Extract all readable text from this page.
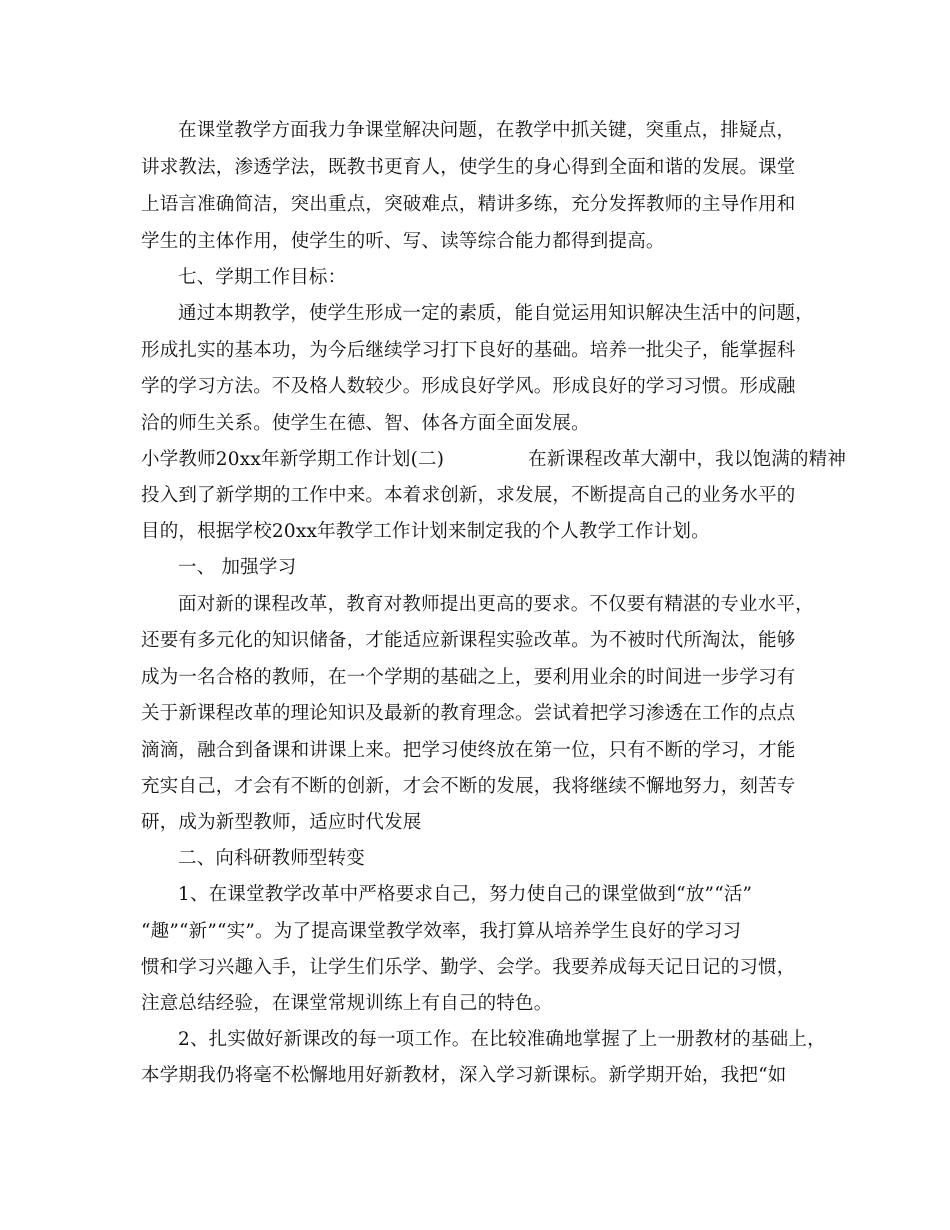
在课堂教学方面我力争课堂解决问题，在教学中抓关键，突重点，排疑点，
讲求教法，渗透学法，既教书更育人，使学生的身心得到全面和谐的发展。课堂
上语言准确简洁，突出重点，突破难点，精讲多练，充分发挥教师的主导作用和
学生的主体作用，使学生的听、写、读等综合能力都得到提高。
七、学期工作目标：
通过本期教学，使学生形成一定的素质，能自觉运用知识解决生活中的问题，
形成扎实的基本功，为今后继续学习打下良好的基础。培养一批尖子，能掌握科
学的学习方法。不及格人数较少。形成良好学风。形成良好的学习习惯。形成融
洽的师生关系。使学生在德、智、体各方面全面发展。
小学教师20xx年新学期工作计划(二)	在新课程改革大潮中，我以饱满的精神
投入到了新学期的工作中来。本着求创新，求发展，不断提高自己的业务水平的
目的，根据学校20xx年教学工作计划来制定我的个人教学工作计划。
一、 加强学习
面对新的课程改革，教育对教师提出更高的要求。不仅要有精湛的专业水平，
还要有多元化的知识储备，才能适应新课程实验改革。为不被时代所淘汰，能够
成为一名合格的教师，在一个学期的基础之上，要利用业余的时间进一步学习有
关于新课程改革的理论知识及最新的教育理念。尝试着把学习渗透在工作的点点
滴滴，融合到备课和讲课上来。把学习使终放在第一位，只有不断的学习，才能
充实自己，才会有不断的创新，才会不断的发展，我将继续不懈地努力，刻苦专
研，成为新型教师，适应时代发展
二、向科研教师型转变
1、在课堂教学改革中严格要求自己，努力使自己的课堂做到“放”“活”
“趣”“新”“实”。为了提高课堂教学效率，我打算从培养学生良好的学习习
惯和学习兴趣入手，让学生们乐学、勤学、会学。我要养成每天记日记的习惯，
注意总结经验，在课堂常规训练上有自己的特色。
2、扎实做好新课改的每一项工作。在比较准确地掌握了上一册教材的基础上，
本学期我仍将毫不松懈地用好新教材，深入学习新课标。新学期开始，我把“如
